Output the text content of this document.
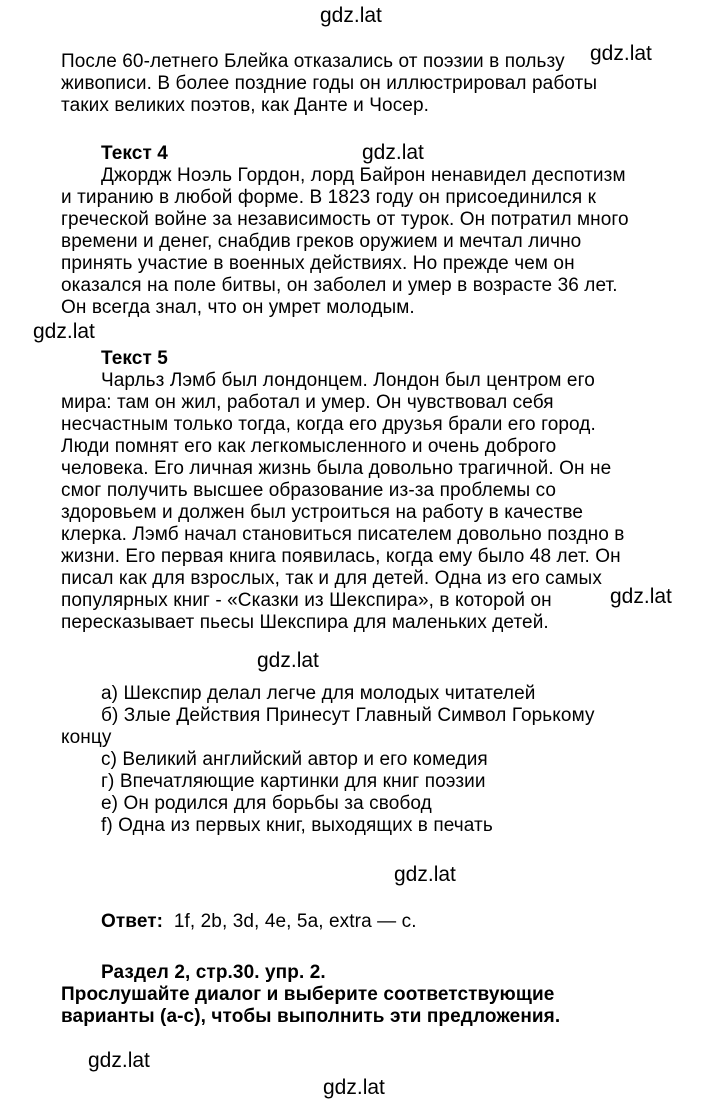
gdz.lat
gdz.lat
gdz.lat
gdz.lat
gdz.lat
gdz.lat
gdz.lat
gdz.lat
gdz.lat
После 60-летнего Блейка отказались от поэзии в пользу
живописи. В более поздние годы он иллюстрировал работы
таких великих поэтов, как Данте и Чосер.
Текст 4
Джордж Ноэль Гордон, лорд Байрон ненавидел деспотизм
и тиранию в любой форме. В 1823 году он присоединился к
греческой войне за независимость от турок. Он потратил много
времени и денег, снабдив греков оружием и мечтал лично
принять участие в военных действиях. Но прежде чем он
оказался на поле битвы, он заболел и умер в возрасте 36 лет.
Он всегда знал, что он умрет молодым.
Текст 5
Чарльз Лэмб был лондонцем. Лондон был центром его
мира: там он жил, работал и умер. Он чувствовал себя
несчастным только тогда, когда его друзья брали его город.
Люди помнят его как легкомысленного и очень доброго
человека. Его личная жизнь была довольно трагичной. Он не
смог получить высшее образование из-за проблемы со
здоровьем и должен был устроиться на работу в качестве
клерка. Лэмб начал становиться писателем довольно поздно в
жизни. Его первая книга появилась, когда ему было 48 лет. Он
писал как для взрослых, так и для детей. Одна из его самых
популярных книг - «Сказки из Шекспира», в которой он
пересказывает пьесы Шекспира для маленьких детей.
а) Шекспир делал легче для молодых читателей
б) Злые Действия Принесут Главный Символ Горькому
концу
с) Великий английский автор и его комедия
г) Впечатляющие картинки для книг поэзии
е) Он родился для борьбы за свобод
f) Одна из первых книг, выходящих в печать
Ответ: 1f, 2b, 3d, 4e, 5a, extra — c.
Раздел 2, стр.30. упр. 2.
Прослушайте диалог и выберите соответствующие
варианты (a-c), чтобы выполнить эти предложения.
